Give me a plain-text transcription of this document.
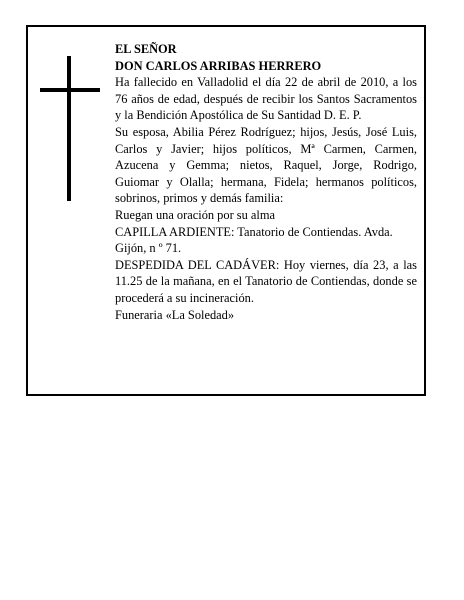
EL SEÑOR

DON CARLOS ARRIBAS HERRERO

Ha fallecido en Valladolid el día 22 de abril de 2010, a los 76 años de edad, después de recibir los Santos Sacramentos y la Bendición Apostólica de Su Santidad D. E. P.

Su esposa, Abilia Pérez Rodríguez; hijos, Jesús, José Luis, Carlos y Javier; hijos políticos, Mª Carmen, Carmen, Azucena y Gemma; nietos, Raquel, Jorge, Rodrigo, Guiomar y Olalla; hermana, Fidela; hermanos políticos, sobrinos, primos y demás familia:

Ruegan una oración por su alma

CAPILLA ARDIENTE: Tanatorio de Contiendas. Avda. Gijón, n º 71.

DESPEDIDA DEL CADÁVER: Hoy viernes, día 23, a las 11.25 de la mañana, en el Tanatorio de Contiendas, donde se procederá a su incineración.

Funeraria «La Soledad»
